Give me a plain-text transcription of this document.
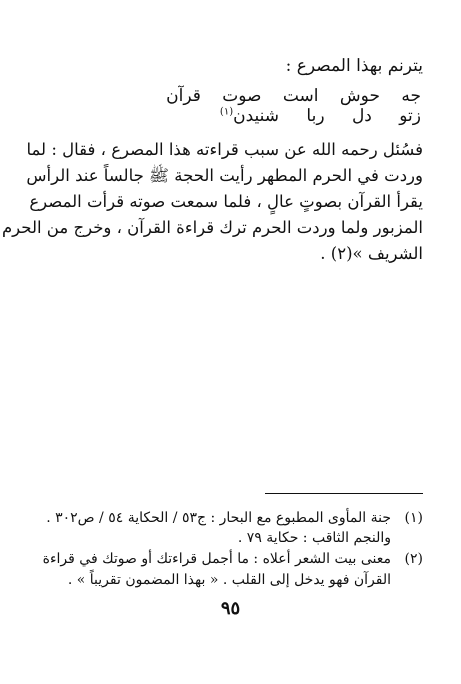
يترنم بهذا المصرع :
جه حوش است صوت قرآن
زتو دل ربا شنيدن$^{(١)}$
فسُئل رحمه الله عن سبب قراءته هذا المصرع ، فقال : لما
وردت في الحرم المطهر رأيت الحجة ﷺ جالساً عند الرأس
يقرأ القرآن بصوتٍ عالٍ ، فلما سمعت صوته قرأت المصرع
المزبور ولما وردت الحرم ترك قراءة القرآن ، وخرج من الحرم
الشريف »(٢) .
(١)جنة المأوى المطبوع مع البحار : ج٥٣ / الحكاية ٥٤ / ص٣٠٢ .
والنجم الثاقب : حكاية ٧٩ .
(٢)معنى بيت الشعر أعلاه : ما أجمل قراءتك أو صوتك في قراءة
القرآن فهو يدخل إلى القلب . « بهذا المضمون تقريباً » .
٩٥
